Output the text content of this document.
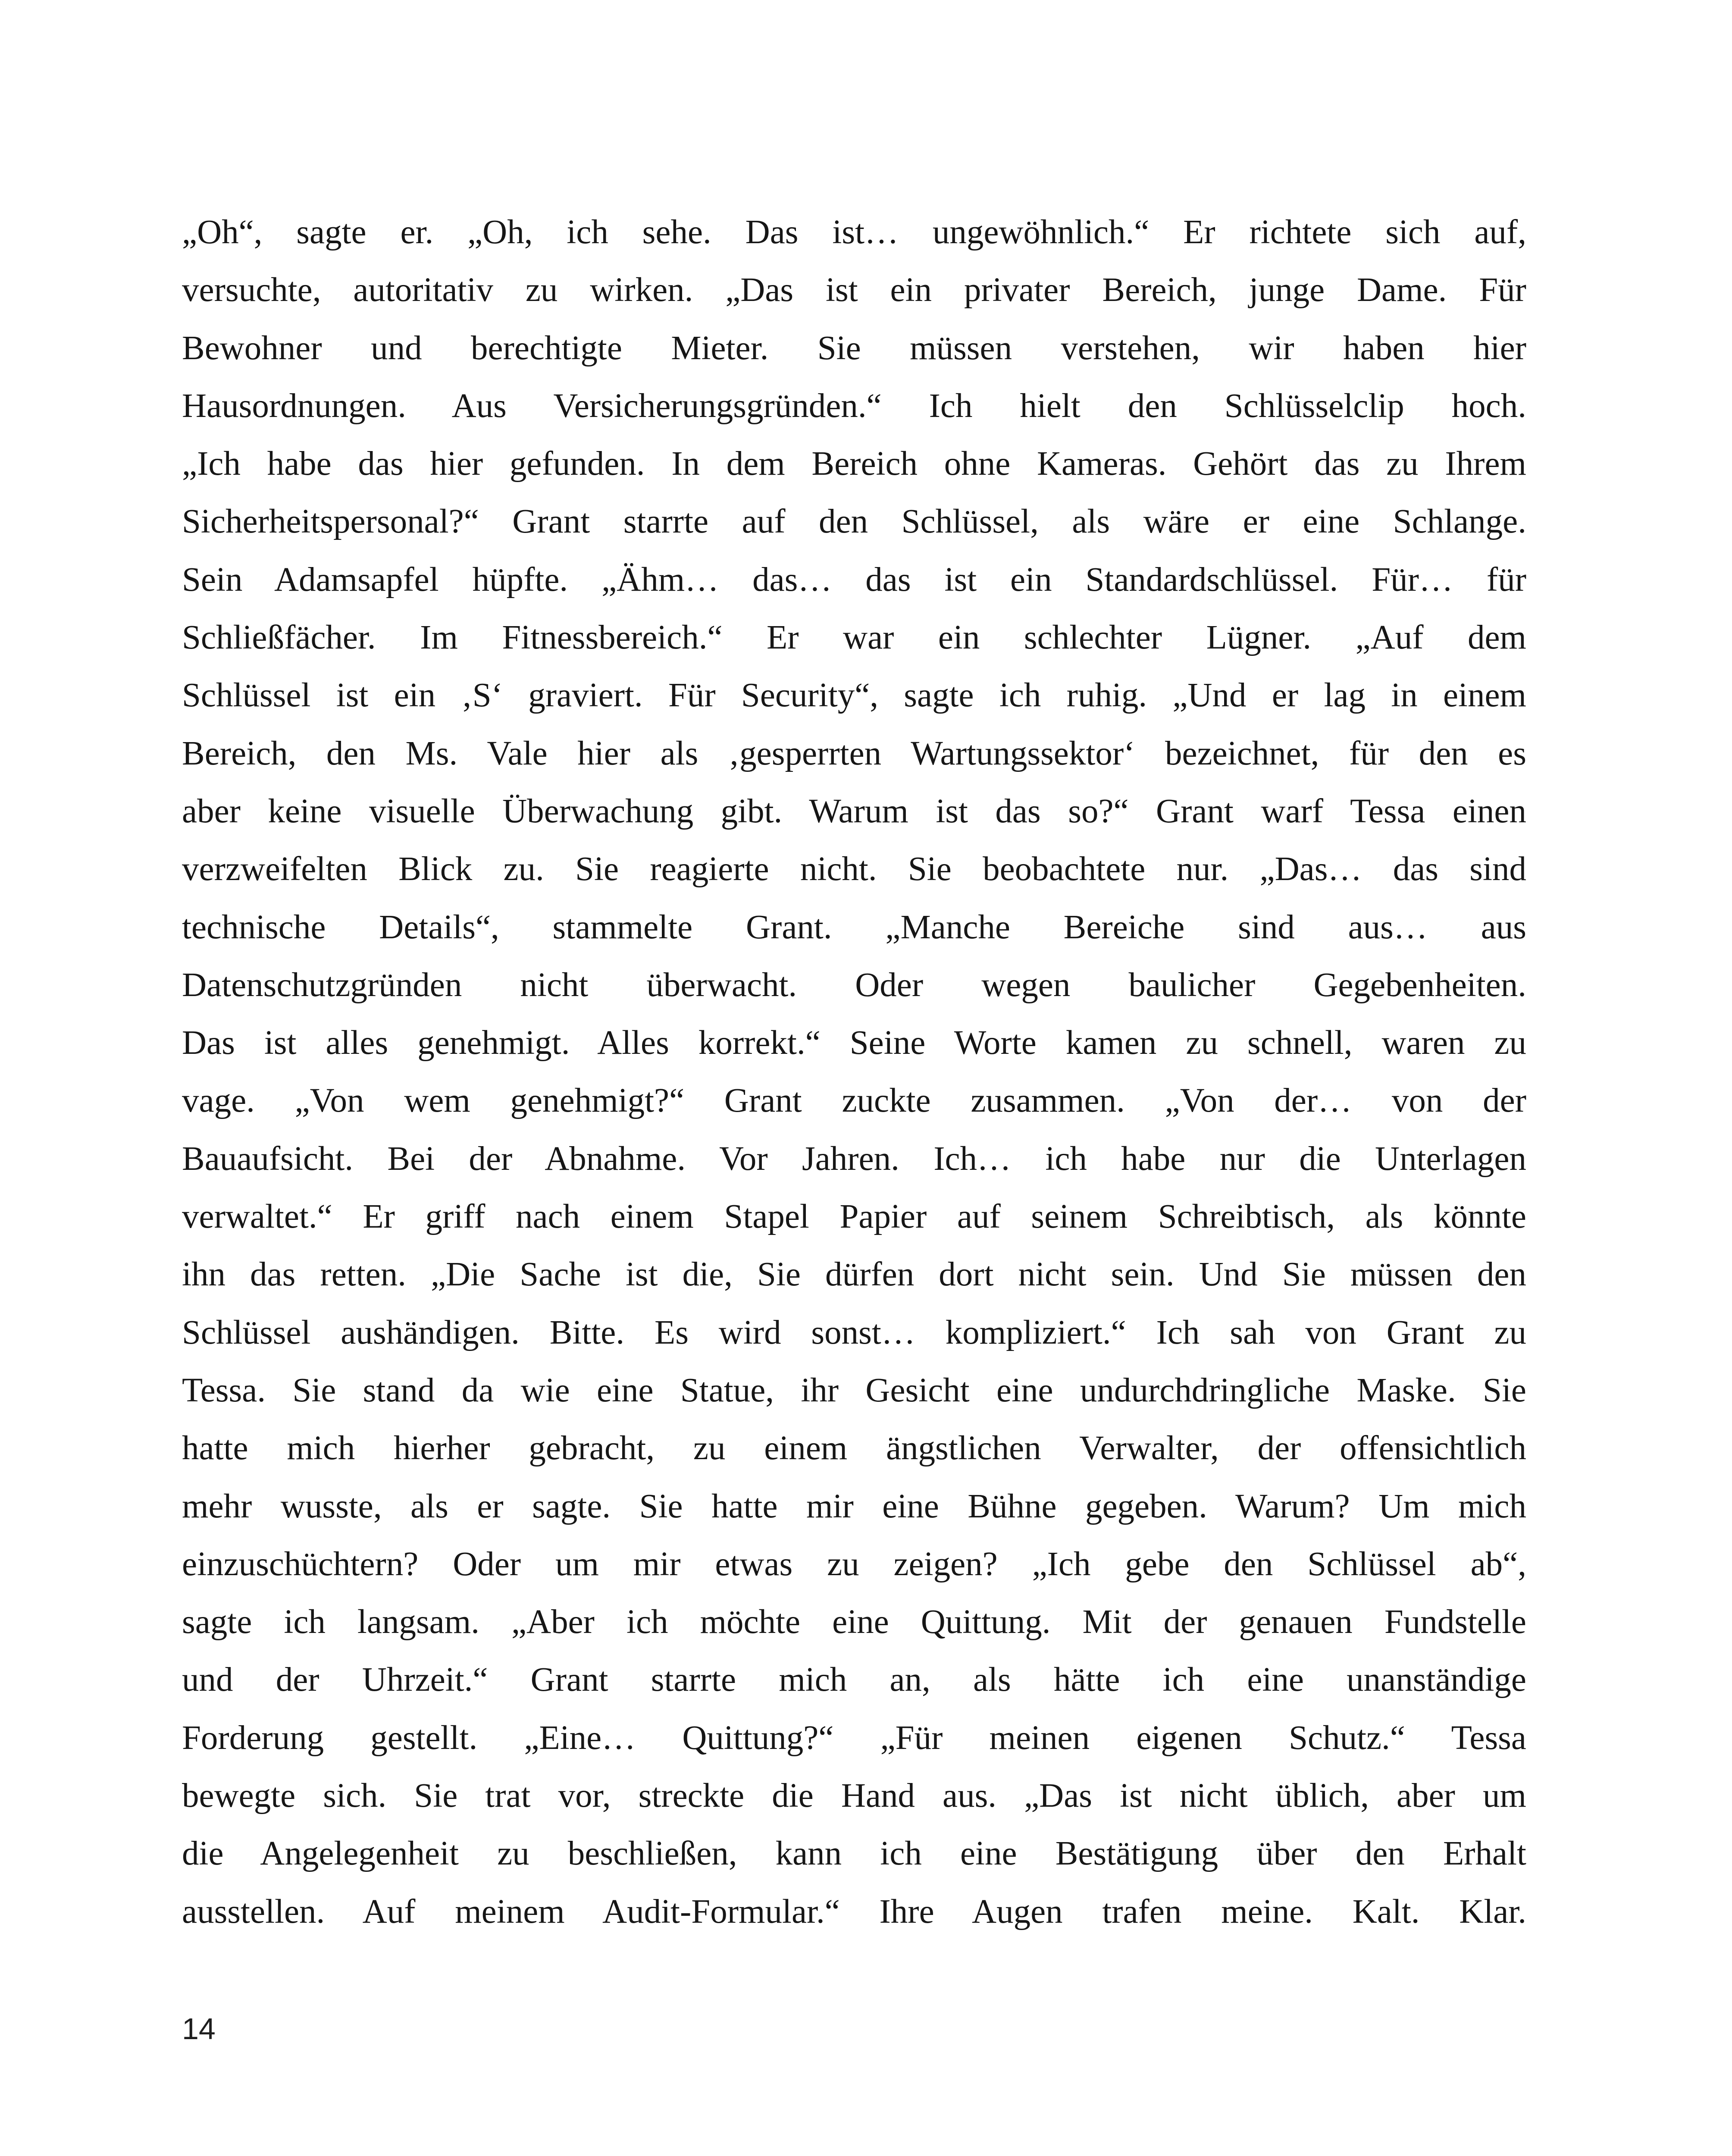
„Oh“, sagte er. „Oh, ich sehe. Das ist… ungewöhnlich.“ Er richtete sich auf,
versuchte, autoritativ zu wirken. „Das ist ein privater Bereich, junge Dame. Für
Bewohner und berechtigte Mieter. Sie müssen verstehen, wir haben hier
Hausordnungen. Aus Versicherungsgründen.“ Ich hielt den Schlüsselclip hoch.
„Ich habe das hier gefunden. In dem Bereich ohne Kameras. Gehört das zu Ihrem
Sicherheitspersonal?“ Grant starrte auf den Schlüssel, als wäre er eine Schlange.
Sein Adamsapfel hüpfte. „Ähm… das… das ist ein Standardschlüssel. Für… für
Schließfächer. Im Fitnessbereich.“ Er war ein schlechter Lügner. „Auf dem
Schlüssel ist ein ‚S‘ graviert. Für Security“, sagte ich ruhig. „Und er lag in einem
Bereich, den Ms. Vale hier als ‚gesperrten Wartungssektor‘ bezeichnet, für den es
aber keine visuelle Überwachung gibt. Warum ist das so?“ Grant warf Tessa einen
verzweifelten Blick zu. Sie reagierte nicht. Sie beobachtete nur. „Das… das sind
technische Details“, stammelte Grant. „Manche Bereiche sind aus… aus
Datenschutzgründen nicht überwacht. Oder wegen baulicher Gegebenheiten.
Das ist alles genehmigt. Alles korrekt.“ Seine Worte kamen zu schnell, waren zu
vage. „Von wem genehmigt?“ Grant zuckte zusammen. „Von der… von der
Bauaufsicht. Bei der Abnahme. Vor Jahren. Ich… ich habe nur die Unterlagen
verwaltet.“ Er griff nach einem Stapel Papier auf seinem Schreibtisch, als könnte
ihn das retten. „Die Sache ist die, Sie dürfen dort nicht sein. Und Sie müssen den
Schlüssel aushändigen. Bitte. Es wird sonst… kompliziert.“ Ich sah von Grant zu
Tessa. Sie stand da wie eine Statue, ihr Gesicht eine undurchdringliche Maske. Sie
hatte mich hierher gebracht, zu einem ängstlichen Verwalter, der offensichtlich
mehr wusste, als er sagte. Sie hatte mir eine Bühne gegeben. Warum? Um mich
einzuschüchtern? Oder um mir etwas zu zeigen? „Ich gebe den Schlüssel ab“,
sagte ich langsam. „Aber ich möchte eine Quittung. Mit der genauen Fundstelle
und der Uhrzeit.“ Grant starrte mich an, als hätte ich eine unanständige
Forderung gestellt. „Eine… Quittung?“ „Für meinen eigenen Schutz.“ Tessa
bewegte sich. Sie trat vor, streckte die Hand aus. „Das ist nicht üblich, aber um
die Angelegenheit zu beschließen, kann ich eine Bestätigung über den Erhalt
ausstellen. Auf meinem Audit-Formular.“ Ihre Augen trafen meine. Kalt. Klar.
14
